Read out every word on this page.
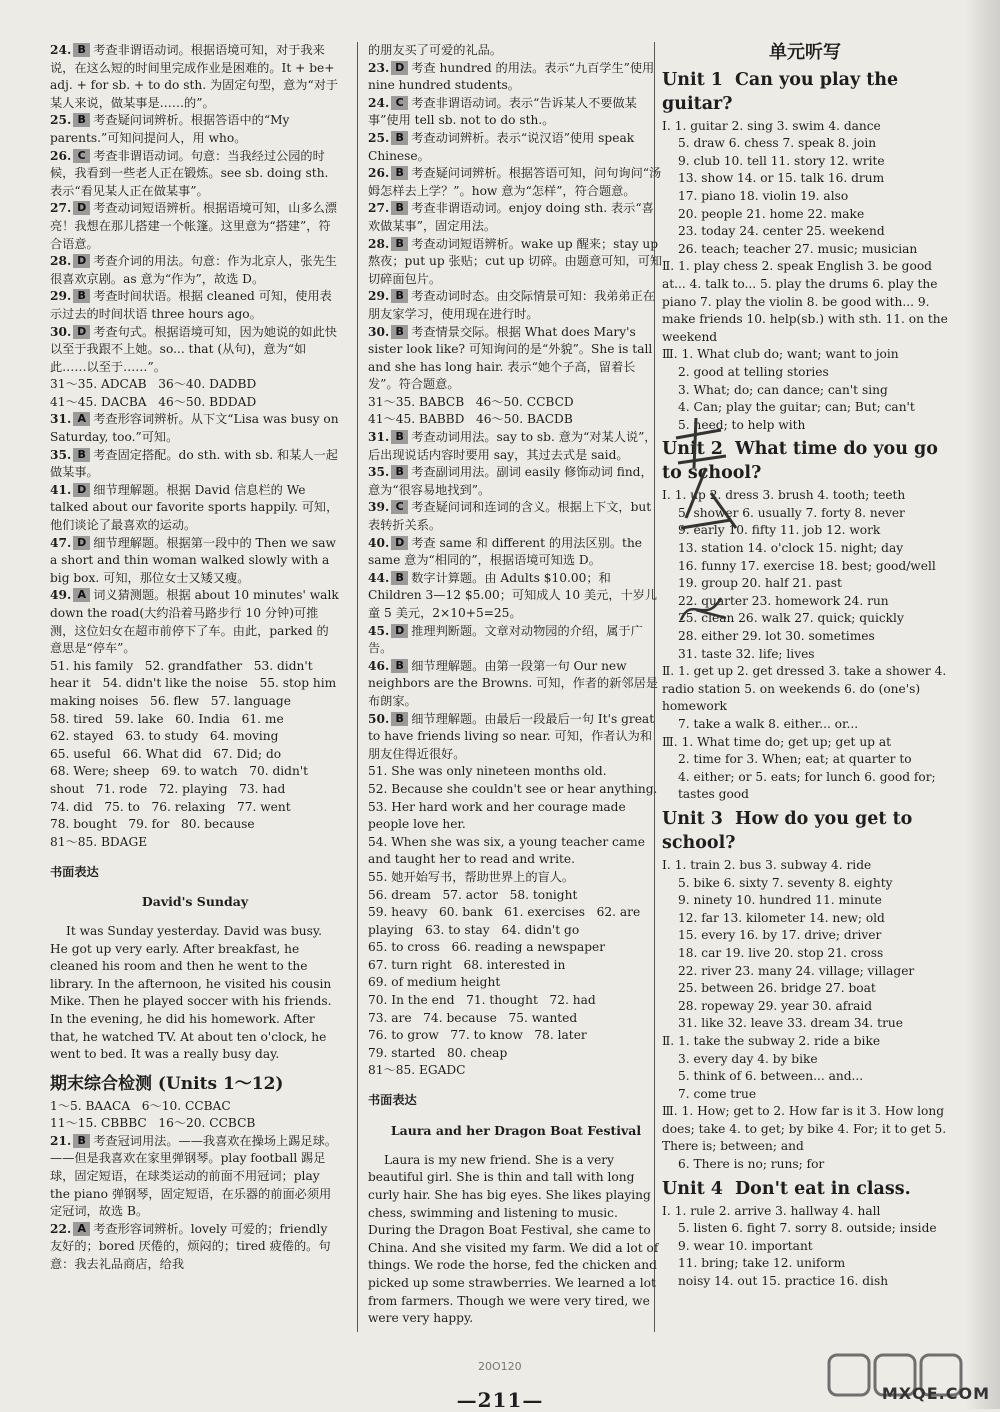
24. B 考查非谓语动词。根据语境可知，对于我来说，在这么短的时间里完成作业是困难的。It + be+ adj. + for sb. + to do sth. 为固定句型，意为“对于某人来说，做某事是……的”。

25. B 考查疑问词辨析。根据答语中的“My parents.”可知问提问人，用 who。

26. C 考查非谓语动词。句意：当我经过公园的时候，我看到一些老人正在锻炼。see sb. doing sth. 表示“看见某人正在做某事”。

27. D 考查动词短语辨析。根据语境可知，山多么漂亮！我想在那儿搭建一个帐篷。这里意为“搭建”，符合语意。

28. D 考查介词的用法。句意：作为北京人，张先生很喜欢京剧。as 意为“作为”，故选 D。

29. B 考查时间状语。根据 cleaned 可知，使用表示过去的时间状语 three hours ago。

30. D 考查句式。根据语境可知，因为她说的如此快以至于我跟不上她。so... that (从句)，意为“如此……以至于……”。

31～35. ADCAB   36～40. DADBD

41～45. DACBA   46～50. BDDAD

31. A 考查形容词辨析。从下文“Lisa was busy on Saturday, too.”可知。

35. B 考查固定搭配。do sth. with sb. 和某人一起做某事。

41. D 细节理解题。根据 David 信息栏的 We talked about our favorite sports happily. 可知，他们谈论了最喜欢的运动。

47. D 细节理解题。根据第一段中的 Then we saw a short and thin woman walked slowly with a big box. 可知，那位女士又矮又瘦。

49. A 词义猜测题。根据 about 10 minutes' walk down the road(大约沿着马路步行 10 分钟)可推测，这位妇女在超市前停下了车。由此，parked 的意思是“停车”。

51. his family   52. grandfather   53. didn't hear it   54. didn't like the noise   55. stop him making noises   56. flew   57. language

58. tired   59. lake   60. India   61. me

62. stayed   63. to study   64. moving

65. useful   66. What did   67. Did; do

68. Were; sheep   69. to watch   70. didn't shout   71. rode   72. playing   73. had

74. did   75. to   76. relaxing   77. went

78. bought   79. for   80. because

81～85. BDAGE

书面表达

David's Sunday

It was Sunday yesterday. David was busy. He got up very early. After breakfast, he cleaned his room and then he went to the library. In the afternoon, he visited his cousin Mike. Then he played soccer with his friends. In the evening, he did his homework. After that, he watched TV. At about ten o'clock, he went to bed. It was a really busy day.

期末综合检测 (Units 1～12)

1～5. BAACA   6～10. CCBAC

11～15. CBBBC   16～20. CCBCB

21. B 考查冠词用法。——我喜欢在操场上踢足球。——但是我喜欢在家里弹钢琴。play football 踢足球，固定短语，在球类运动的前面不用冠词；play the piano 弹钢琴，固定短语，在乐器的前面必须用定冠词，故选 B。

22. A 考查形容词辨析。lovely 可爱的；friendly 友好的；bored 厌倦的，烦闷的；tired 疲倦的。句意：我去礼品商店，给我

的朋友买了可爱的礼品。

23. D 考查 hundred 的用法。表示“九百学生”使用 nine hundred students。

24. C 考查非谓语动词。表示“告诉某人不要做某事”使用 tell sb. not to do sth.。

25. B 考查动词辨析。表示“说汉语”使用 speak Chinese。

26. B 考查疑问词辨析。根据答语可知，问句询问“汤姆怎样去上学？”。how 意为“怎样”，符合题意。

27. B 考查非谓语动词。enjoy doing sth. 表示“喜欢做某事”，固定用法。

28. B 考查动词短语辨析。wake up 醒来；stay up 熬夜；put up 张贴；cut up 切碎。由题意可知，可知切碎面包片。

29. B 考查动词时态。由交际情景可知：我弟弟正在朋友家学习，使用现在进行时。

30. B 考查情景交际。根据 What does Mary's sister look like? 可知询问的是“外貌”。She is tall and she has long hair. 表示“她个子高，留着长发”。符合题意。

31～35. BABCB   46～50. CCBCD

41～45. BABBD   46～50. BACDB

31. B 考查动词用法。say to sb. 意为“对某人说”，后出现说话内容时要用 say，其过去式是 said。

35. B 考查副词用法。副词 easily 修饰动词 find，意为“很容易地找到”。

39. C 考查疑问词和连词的含义。根据上下文，but 表转折关系。

40. D 考查 same 和 different 的用法区别。the same 意为“相同的”，根据语境可知选 D。

44. B 数字计算题。由 Adults $10.00；和 Children 3—12 $5.00；可知成人 10 美元，十岁儿童 5 美元，2×10+5=25。

45. D 推理判断题。文章对动物园的介绍，属于广告。

46. B 细节理解题。由第一段第一句 Our new neighbors are the Browns. 可知，作者的新邻居是布朗家。

50. B 细节理解题。由最后一段最后一句 It's great to have friends living so near. 可知，作者认为和朋友住得近很好。

51. She was only nineteen months old.

52. Because she couldn't see or hear anything.

53. Her hard work and her courage made people love her.

54. When she was six, a young teacher came and taught her to read and write.

55. 她开始写书，帮助世界上的盲人。

56. dream   57. actor   58. tonight

59. heavy   60. bank   61. exercises   62. are playing   63. to stay   64. didn't go

65. to cross   66. reading a newspaper

67. turn right   68. interested in

69. of medium height

70. In the end   71. thought   72. had

73. are   74. because   75. wanted

76. to grow   77. to know   78. later

79. started   80. cheap

81～85. EGADC

书面表达

Laura and her Dragon Boat Festival

Laura is my new friend. She is a very beautiful girl. She is thin and tall with long curly hair. She has big eyes. She likes playing chess, swimming and listening to music. During the Dragon Boat Festival, she came to China. And she visited my farm. We did a lot of things. We rode the horse, fed the chicken and picked up some strawberries. We learned a lot from farmers. Though we were very tired, we were very happy.

单元听写

Unit 1 Can you play the guitar?

Ⅰ. 1. guitar 2. sing 3. swim 4. dance

5. draw 6. chess 7. speak 8. join

9. club 10. tell 11. story 12. write

13. show 14. or 15. talk 16. drum

17. piano 18. violin 19. also

20. people 21. home 22. make

23. today 24. center 25. weekend

26. teach; teacher 27. music; musician

Ⅱ. 1. play chess 2. speak English 3. be good at... 4. talk to... 5. play the drums 6. play the piano 7. play the violin 8. be good with... 9. make friends 10. help(sb.) with sth. 11. on the weekend

Ⅲ. 1. What club do; want; want to join

2. good at telling stories

3. What; do; can dance; can't sing

4. Can; play the guitar; can; But; can't

5. need; to help with

Unit 2 What time do you go to school?

Ⅰ. 1. up 2. dress 3. brush 4. tooth; teeth

5. shower 6. usually 7. forty 8. never

9. early 10. fifty 11. job 12. work

13. station 14. o'clock 15. night; day

16. funny 17. exercise 18. best; good/well 19. group 20. half 21. past

22. quarter 23. homework 24. run

25. clean 26. walk 27. quick; quickly

28. either 29. lot 30. sometimes

31. taste 32. life; lives

Ⅱ. 1. get up 2. get dressed 3. take a shower 4. radio station 5. on weekends 6. do (one's) homework

7. take a walk 8. either... or...

Ⅲ. 1. What time do; get up; get up at

2. time for 3. When; eat; at quarter to

4. either; or 5. eats; for lunch 6. good for; tastes good

Unit 3 How do you get to school?

Ⅰ. 1. train 2. bus 3. subway 4. ride

5. bike 6. sixty 7. seventy 8. eighty

9. ninety 10. hundred 11. minute

12. far 13. kilometer 14. new; old

15. every 16. by 17. drive; driver

18. car 19. live 20. stop 21. cross

22. river 23. many 24. village; villager

25. between 26. bridge 27. boat

28. ropeway 29. year 30. afraid

31. like 32. leave 33. dream 34. true

Ⅱ. 1. take the subway 2. ride a bike

3. every day 4. by bike

5. think of 6. between... and...

7. come true

Ⅲ. 1. How; get to 2. How far is it 3. How long does; take 4. to get; by bike 4. For; it to get 5. There is; between; and

6. There is no; runs; for

Unit 4 Don't eat in class.

Ⅰ. 1. rule 2. arrive 3. hallway 4. hall

5. listen 6. fight 7. sorry 8. outside; inside 9. wear 10. important

11. bring; take 12. uniform

noisy 14. out 15. practice 16. dish

20O120
—211—	MXQE.COM
